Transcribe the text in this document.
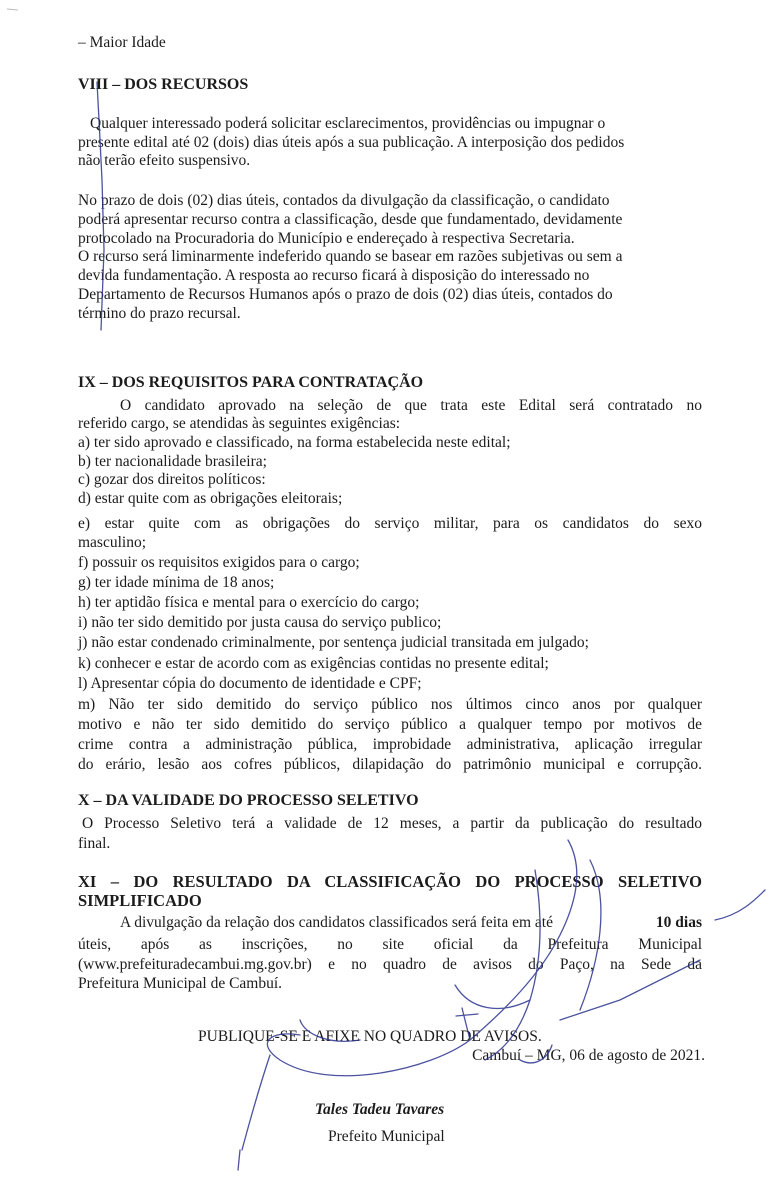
– Maior Idade
VIII – DOS RECURSOS
Qualquer interessado poderá solicitar esclarecimentos, providências ou impugnar o
presente edital até 02 (dois) dias úteis após a sua publicação. A interposição dos pedidos
não terão efeito suspensivo.
No prazo de dois (02) dias úteis, contados da divulgação da classificação, o candidato
poderá apresentar recurso contra a classificação, desde que fundamentado, devidamente
protocolado na Procuradoria do Município e endereçado à respectiva Secretaria.
O recurso será liminarmente indeferido quando se basear em razões subjetivas ou sem a
devida fundamentação. A resposta ao recurso ficará à disposição do interessado no
Departamento de Recursos Humanos após o prazo de dois (02) dias úteis, contados do
término do prazo recursal.
IX – DOS REQUISITOS PARA CONTRATAÇÃO
O candidato aprovado na seleção de que trata este Edital será contratado no
referido cargo, se atendidas às seguintes exigências:
a) ter sido aprovado e classificado, na forma estabelecida neste edital;
b) ter nacionalidade brasileira;
c) gozar dos direitos políticos:
d) estar quite com as obrigações eleitorais;
e) estar quite com as obrigações do serviço militar, para os candidatos do sexo
masculino;
f) possuir os requisitos exigidos para o cargo;
g) ter idade mínima de 18 anos;
h) ter aptidão física e mental para o exercício do cargo;
i) não ter sido demitido por justa causa do serviço publico;
j) não estar condenado criminalmente, por sentença judicial transitada em julgado;
k) conhecer e estar de acordo com as exigências contidas no presente edital;
l) Apresentar cópia do documento de identidade e CPF;
m) Não ter sido demitido do serviço público nos últimos cinco anos por qualquer
motivo e não ter sido demitido do serviço público a qualquer tempo por motivos de
crime contra a administração pública, improbidade administrativa, aplicação irregular
do erário, lesão aos cofres públicos, dilapidação do patrimônio municipal e corrupção.
X – DA VALIDADE DO PROCESSO SELETIVO
O Processo Seletivo terá a validade de 12 meses, a partir da publicação do resultado
final.
XI – DO RESULTADO DA CLASSIFICAÇÃO DO PROCESSO SELETIVO
SIMPLIFICADO
A divulgação da relação dos candidatos classificados será feita em até	10 dias
úteis, após as inscrições, no site oficial da Prefeitura Municipal
(www.prefeituradecambui.mg.gov.br) e no quadro de avisos do Paço, na Sede da
Prefeitura Municipal de Cambuí.
PUBLIQUE-SE E AFIXE NO QUADRO DE AVISOS.
Cambuí – MG, 06 de agosto de 2021.
Tales Tadeu Tavares
Prefeito Municipal
